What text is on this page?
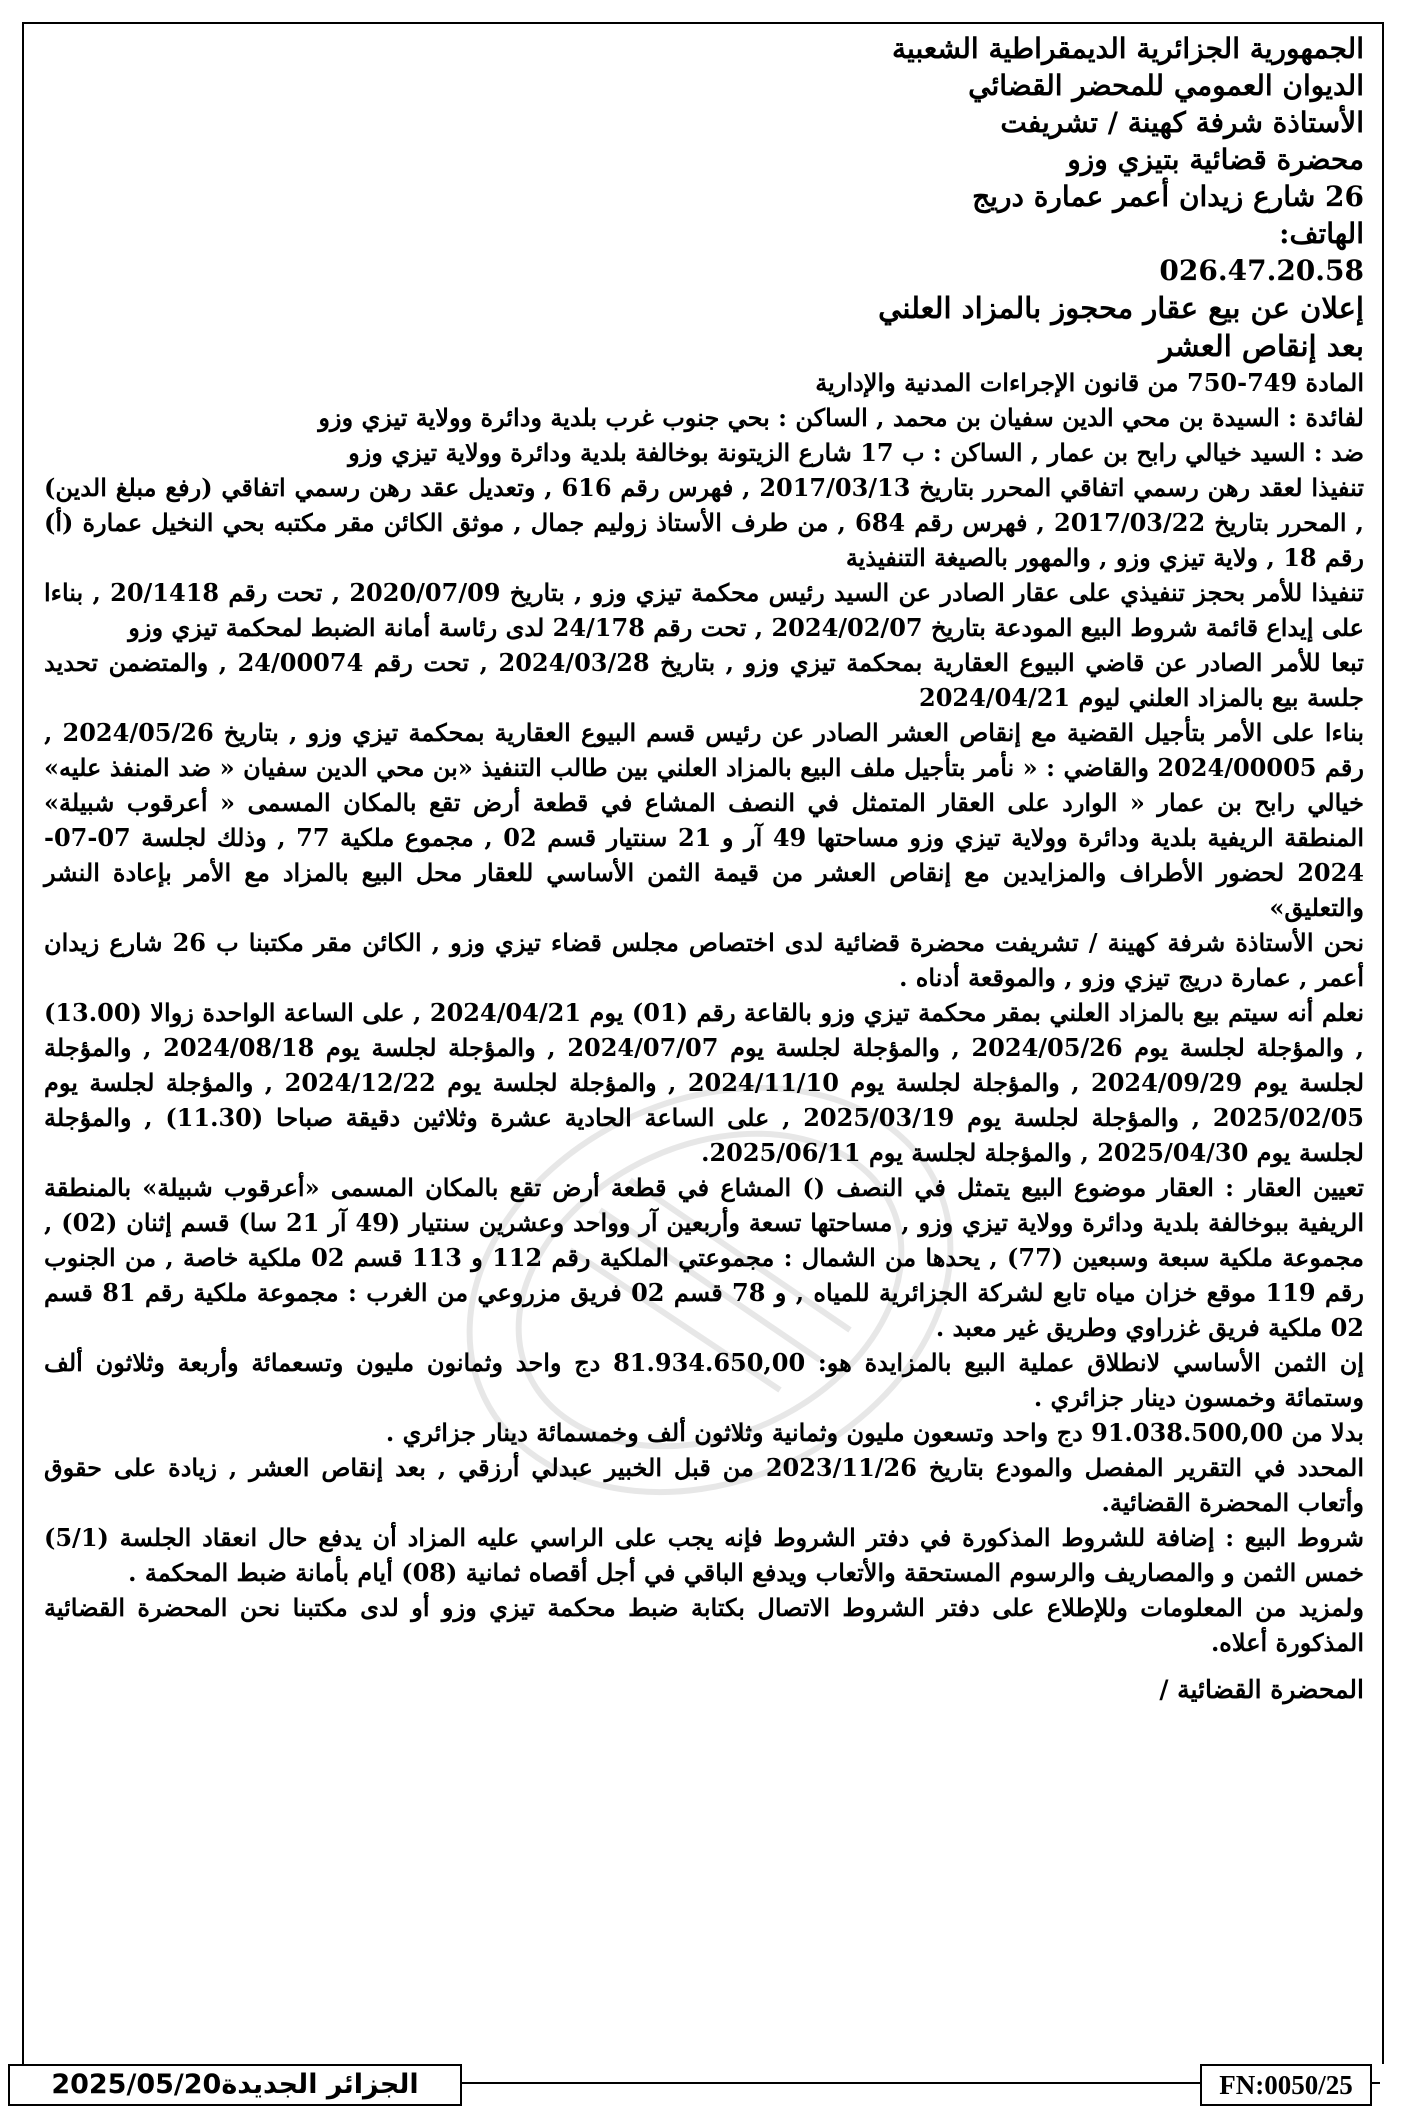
الجمهورية الجزائرية الديمقراطية الشعبية

الديوان العمومي للمحضر القضائي

الأستاذة شرفة كهينة / تشريفت

محضرة قضائية بتيزي وزو

26 شارع زيدان أعمر عمارة دريج

الهاتف:

026.47.20.58

إعلان عن بيع عقار محجوز بالمزاد العلني

بعد إنقاص العشر

المادة 749-750 من قانون الإجراءات المدنية والإدارية

لفائدة : السيدة بن محي الدين سفيان بن محمد , الساكن : بحي جنوب غرب بلدية ودائرة وولاية تيزي وزو

ضد : السيد خيالي رابح بن عمار , الساكن : ب 17 شارع الزيتونة بوخالفة بلدية ودائرة وولاية تيزي وزو

تنفيذا لعقد رهن رسمي اتفاقي المحرر بتاريخ 2017/03/13 , فهرس رقم 616 , وتعديل عقد رهن رسمي اتفاقي (رفع مبلغ الدين) , المحرر بتاريخ 2017/03/22 , فهرس رقم 684 , من طرف الأستاذ زوليم جمال , موثق الكائن مقر مكتبه بحي النخيل عمارة (أ) رقم 18 , ولاية تيزي وزو , والمهور بالصيغة التنفيذية

تنفيذا للأمر بحجز تنفيذي على عقار الصادر عن السيد رئيس محكمة تيزي وزو , بتاريخ 2020/07/09 , تحت رقم 20/1418 , بناءا على إيداع قائمة شروط البيع المودعة بتاريخ 2024/02/07 , تحت رقم 24/178 لدى رئاسة أمانة الضبط لمحكمة تيزي وزو

تبعا للأمر الصادر عن قاضي البيوع العقارية بمحكمة تيزي وزو , بتاريخ 2024/03/28 , تحت رقم 24/00074 , والمتضمن تحديد جلسة بيع بالمزاد العلني ليوم 2024/04/21

بناءا على الأمر بتأجيل القضية مع إنقاص العشر الصادر عن رئيس قسم البيوع العقارية بمحكمة تيزي وزو , بتاريخ 2024/05/26 , رقم 2024/00005 والقاضي : « نأمر بتأجيل ملف البيع بالمزاد العلني بين طالب التنفيذ «بن محي الدين سفيان « ضد المنفذ عليه» خيالي رابح بن عمار « الوارد على العقار المتمثل في النصف المشاع في قطعة أرض تقع بالمكان المسمى « أعرقوب شبيلة» المنطقة الريفية بلدية ودائرة وولاية تيزي وزو مساحتها 49 آر و 21 سنتيار قسم 02 , مجموع ملكية 77 , وذلك لجلسة 07-07-2024 لحضور الأطراف والمزايدين مع إنقاص العشر من قيمة الثمن الأساسي للعقار محل البيع بالمزاد مع الأمر بإعادة النشر والتعليق»

نحن الأستاذة شرفة كهينة / تشريفت محضرة قضائية لدى اختصاص مجلس قضاء تيزي وزو , الكائن مقر مكتبنا ب 26 شارع زيدان أعمر , عمارة دريج تيزي وزو , والموقعة أدناه .

نعلم أنه سيتم بيع بالمزاد العلني بمقر محكمة تيزي وزو بالقاعة رقم (01) يوم 2024/04/21 , على الساعة الواحدة زوالا (13.00) , والمؤجلة لجلسة يوم 2024/05/26 , والمؤجلة لجلسة يوم 2024/07/07 , والمؤجلة لجلسة يوم 2024/08/18 , والمؤجلة لجلسة يوم 2024/09/29 , والمؤجلة لجلسة يوم 2024/11/10 , والمؤجلة لجلسة يوم 2024/12/22 , والمؤجلة لجلسة يوم 2025/02/05 , والمؤجلة لجلسة يوم 2025/03/19 , على الساعة الحادية عشرة وثلاثين دقيقة صباحا (11.30) , والمؤجلة لجلسة يوم 2025/04/30 , والمؤجلة لجلسة يوم 2025/06/11.

تعيين العقار : العقار موضوع البيع يتمثل في النصف () المشاع في قطعة أرض تقع بالمكان المسمى «أعرقوب شبيلة» بالمنطقة الريفية ببوخالفة بلدية ودائرة وولاية تيزي وزو , مساحتها تسعة وأربعين آر وواحد وعشرين سنتيار (49 آر 21 سا) قسم إثنان (02) , مجموعة ملكية سبعة وسبعين (77) , يحدها من الشمال : مجموعتي الملكية رقم 112 و 113 قسم 02 ملكية خاصة , من الجنوب رقم 119 موقع خزان مياه تابع لشركة الجزائرية للمياه , و 78 قسم 02 فريق مزروعي من الغرب : مجموعة ملكية رقم 81 قسم 02 ملكية فريق غزراوي وطريق غير معبد .

إن الثمن الأساسي لانطلاق عملية البيع بالمزايدة هو: 81.934.650,00 دج واحد وثمانون مليون وتسعمائة وأربعة وثلاثون ألف وستمائة وخمسون دينار جزائري .

بدلا من 91.038.500,00 دج واحد وتسعون مليون وثمانية وثلاثون ألف وخمسمائة دينار جزائري .

المحدد في التقرير المفصل والمودع بتاريخ 2023/11/26 من قبل الخبير عبدلي أرزقي , بعد إنقاص العشر , زيادة على حقوق وأتعاب المحضرة القضائية.

شروط البيع : إضافة للشروط المذكورة في دفتر الشروط فإنه يجب على الراسي عليه المزاد أن يدفع حال انعقاد الجلسة (5/1) خمس الثمن و والمصاريف والرسوم المستحقة والأتعاب ويدفع الباقي في أجل أقصاه ثمانية (08) أيام بأمانة ضبط المحكمة .

ولمزيد من المعلومات وللإطلاع على دفتر الشروط الاتصال بكتابة ضبط محكمة تيزي وزو أو لدى مكتبنا نحن المحضرة القضائية المذكورة أعلاه.

المحضرة القضائية /

الجزائر الجديدة2025/05/20	FN:0050/25
